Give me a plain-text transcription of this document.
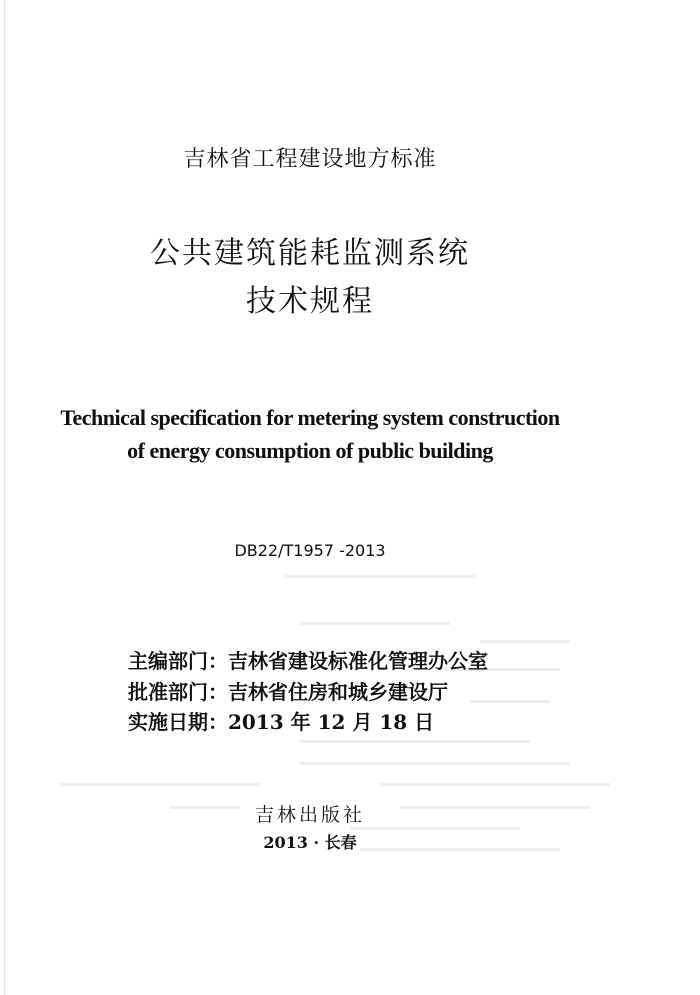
吉林省工程建设地方标准
公共建筑能耗监测系统
技术规程
Technical specification for metering system construction
of energy consumption of public building
DB22/T1957 -2013
主编部门：吉林省建设标准化管理办公室
批准部门：吉林省住房和城乡建设厅
实施日期：2013 年 12 月 18 日
吉林出版社
2013 · 长春
